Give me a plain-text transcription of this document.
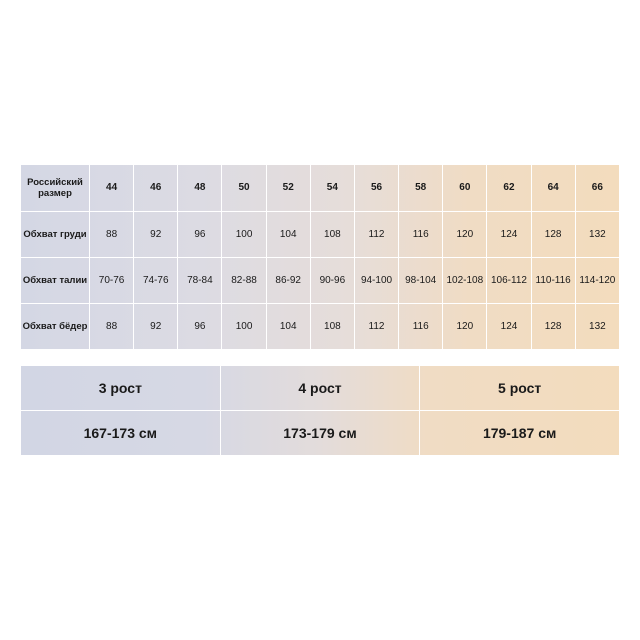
Российский размер	44	46	48	50	52	54	56	58	60	62	64	66
Обхват груди	88	92	96	100	104	108	112	116	120	124	128	132
Обхват талии	70-76	74-76	78-84	82-88	86-92	90-96	94-100	98-104	102-108	106-112	110-116	114-120
Обхват бёдер	88	92	96	100	104	108	112	116	120	124	128	132
3 рост	4 рост	5 рост
167-173 см	173-179 см	179-187 см
